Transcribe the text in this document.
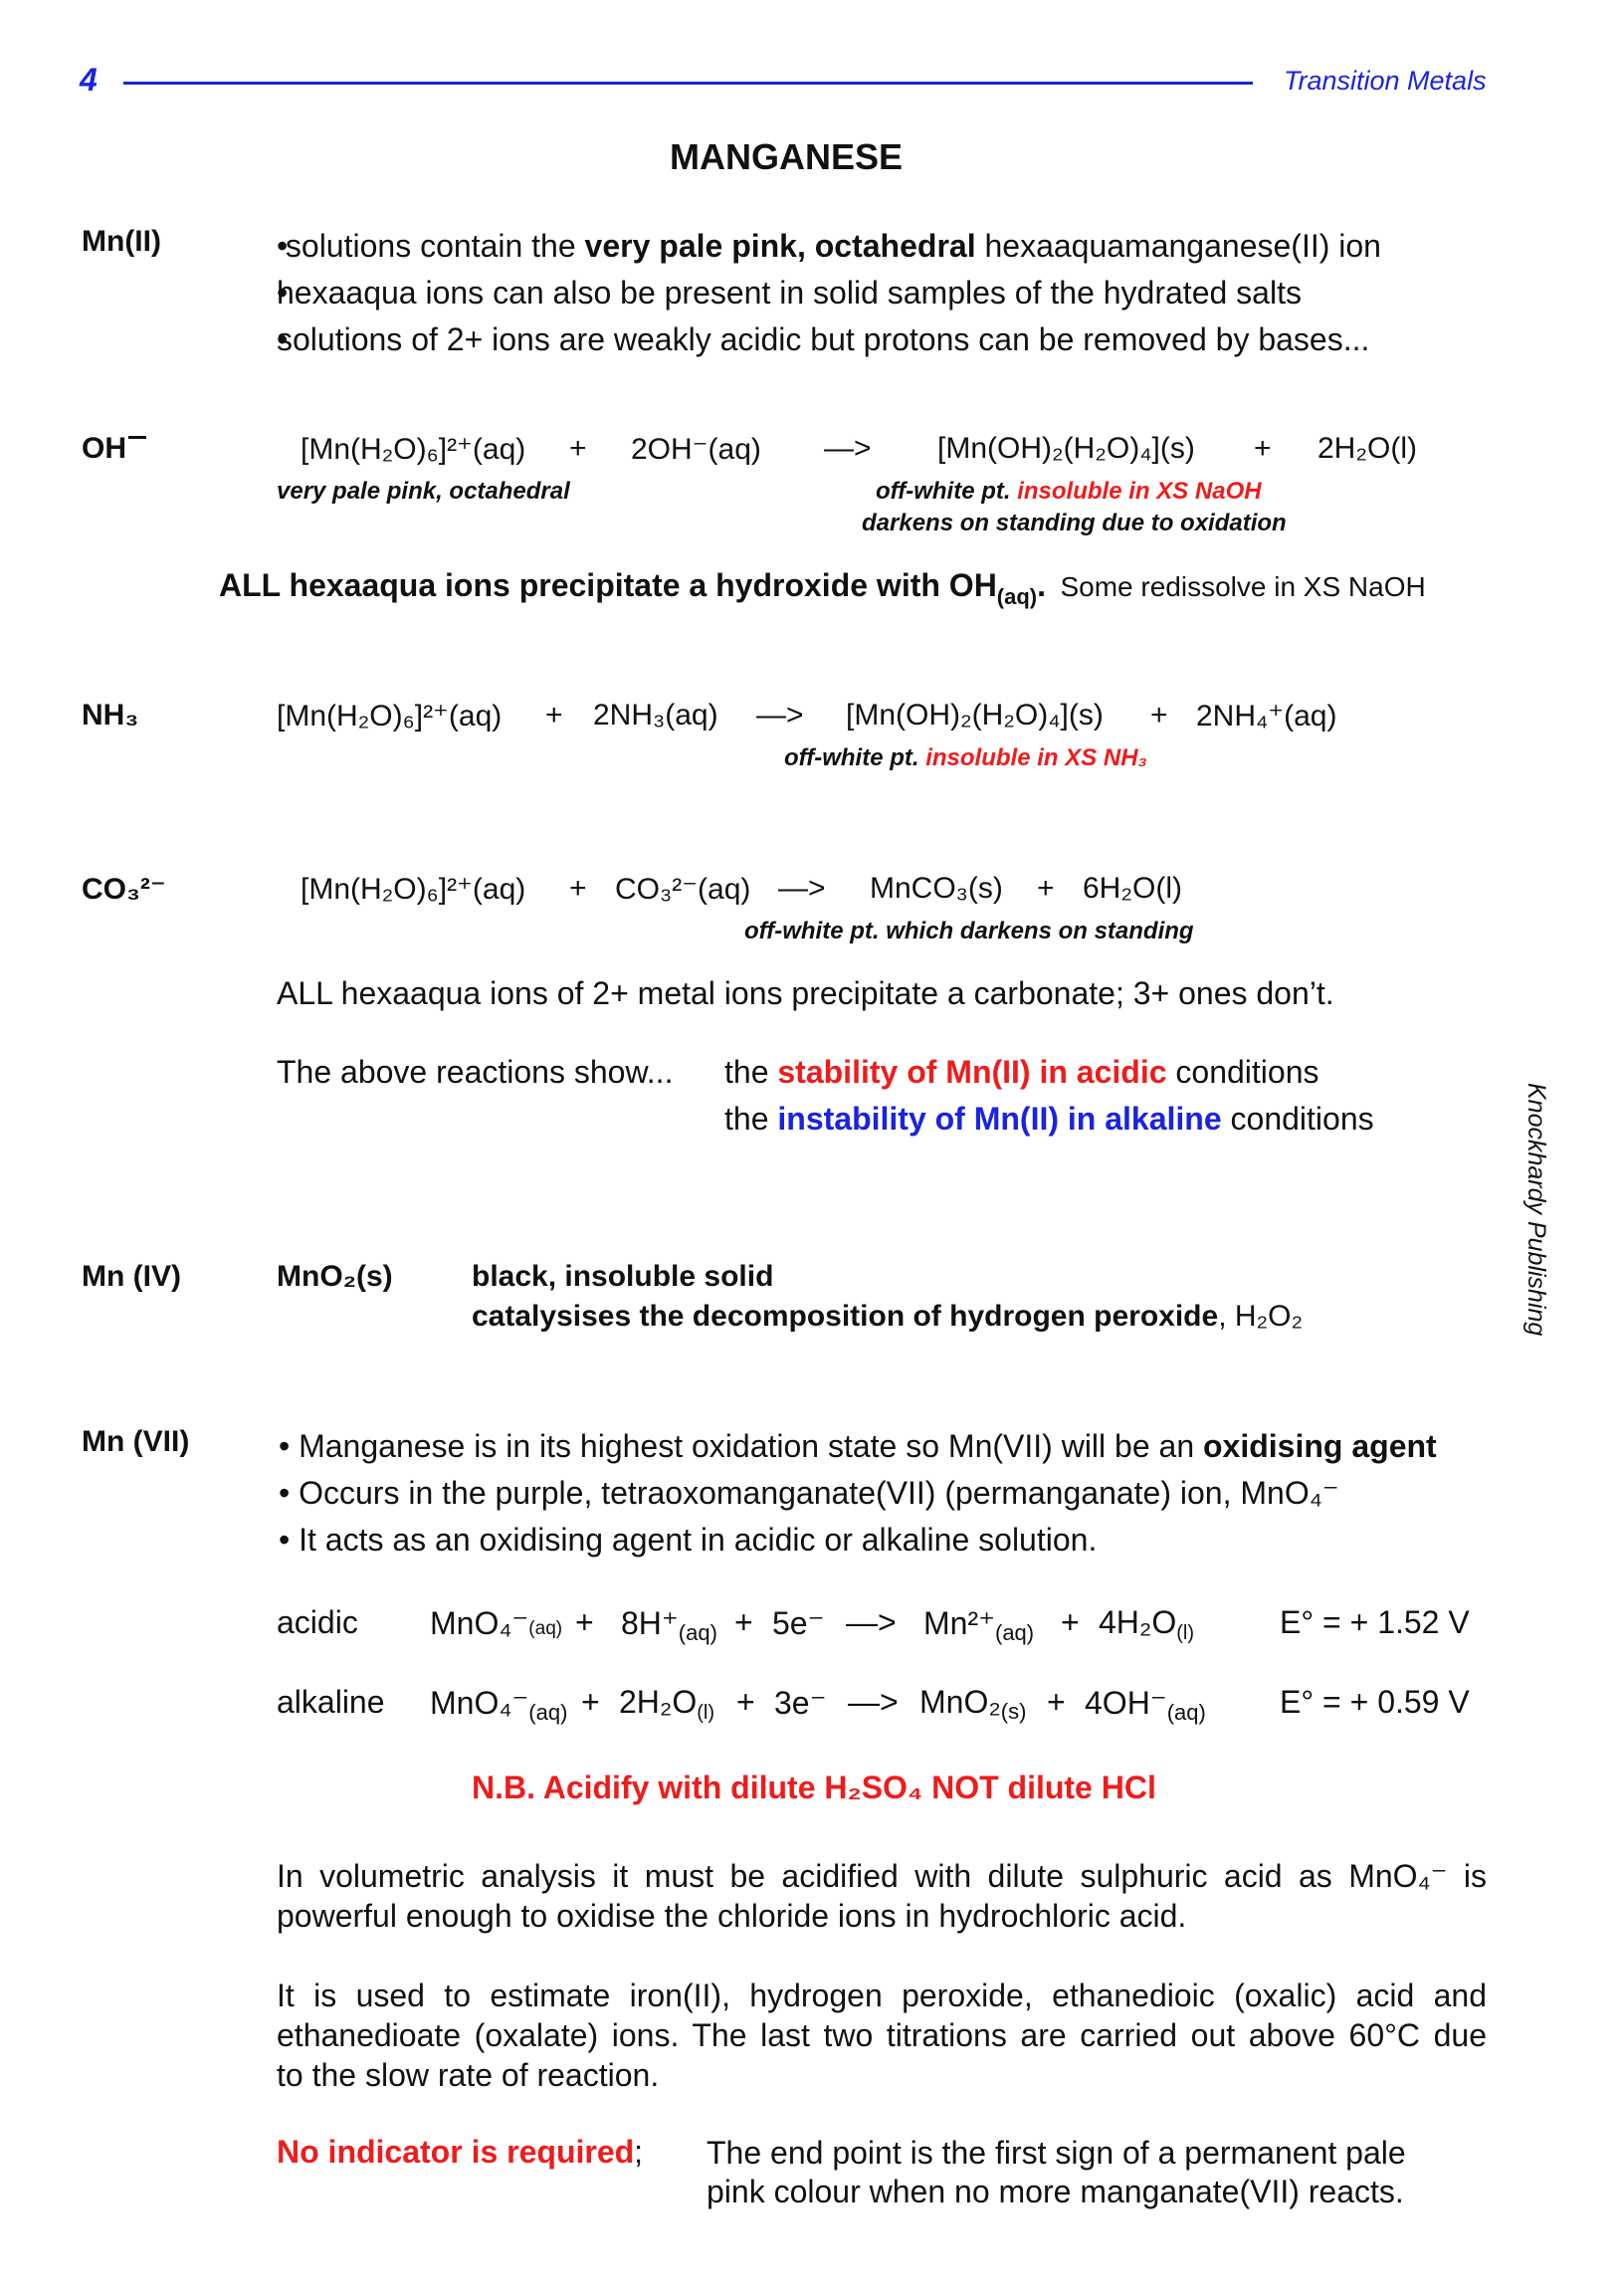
4	Transition Metals
MANGANESE
Knockhardy Publishing
Mn(II)
•	solutions contain the very pale pink, octahedral hexaaquamanganese(II) ion
• hexaaqua ions can also be present in solid samples of the hydrated salts
• solutions of 2+ ions are weakly acidic but protons can be removed by bases...
OH	[Mn(H₂O)₆]²⁺(aq) + 2OH⁻(aq) —> [Mn(OH)₂(H₂O)₄](s) + 2H₂O(l)
very pale pink, octahedral	off-white pt. insoluble in XS NaOH
darkens on standing due to oxidation
ALL hexaaqua ions precipitate a hydroxide with OH(aq). Some redissolve in XS NaOH
NH₃	[Mn(H₂O)₆]²⁺(aq) + 2NH₃(aq) —> [Mn(OH)₂(H₂O)₄](s) + 2NH₄⁺(aq)
off-white pt. insoluble in XS NH₃
CO₃²⁻	[Mn(H₂O)₆]²⁺(aq) + CO₃²⁻(aq) —> MnCO₃(s) + 6H₂O(l)
off-white pt. which darkens on standing
ALL hexaaqua ions of 2+ metal ions precipitate a carbonate; 3+ ones don’t.
The above reactions show... the stability of Mn(II) in acidic conditions
the instability of Mn(II) in alkaline conditions
Mn (IV)	MnO₂(s)	black, insoluble solid
catalysises the decomposition of hydrogen peroxide, H₂O₂
Mn (VII)	• Manganese is in its highest oxidation state so Mn(VII) will be an oxidising agent
• Occurs in the purple, tetraoxomanganate(VII) (permanganate) ion, MnO₄⁻
• It acts as an oxidising agent in acidic or alkaline solution.
acidic MnO₄⁻(aq) + 8H⁺(aq) + 5e⁻ —> Mn²⁺(aq) + 4H₂O(l)	E° = + 1.52 V
alkaline MnO₄⁻(aq) + 2H₂O(l) + 3e⁻ —> MnO₂(s) + 4OH⁻(aq) E° = + 0.59 V
N.B. Acidify with dilute H₂SO₄ NOT dilute HCl
In volumetric analysis it must be acidified with dilute sulphuric acid as MnO₄⁻ is
powerful enough to oxidise the chloride ions in hydrochloric acid.
It is used to estimate iron(II), hydrogen peroxide, ethanedioic (oxalic) acid and
ethanedioate (oxalate) ions. The last two titrations are carried out above 60°C due
to the slow rate of reaction.
No indicator is required; The end point is the first sign of a permanent pale
pink colour when no more manganate(VII) reacts.
